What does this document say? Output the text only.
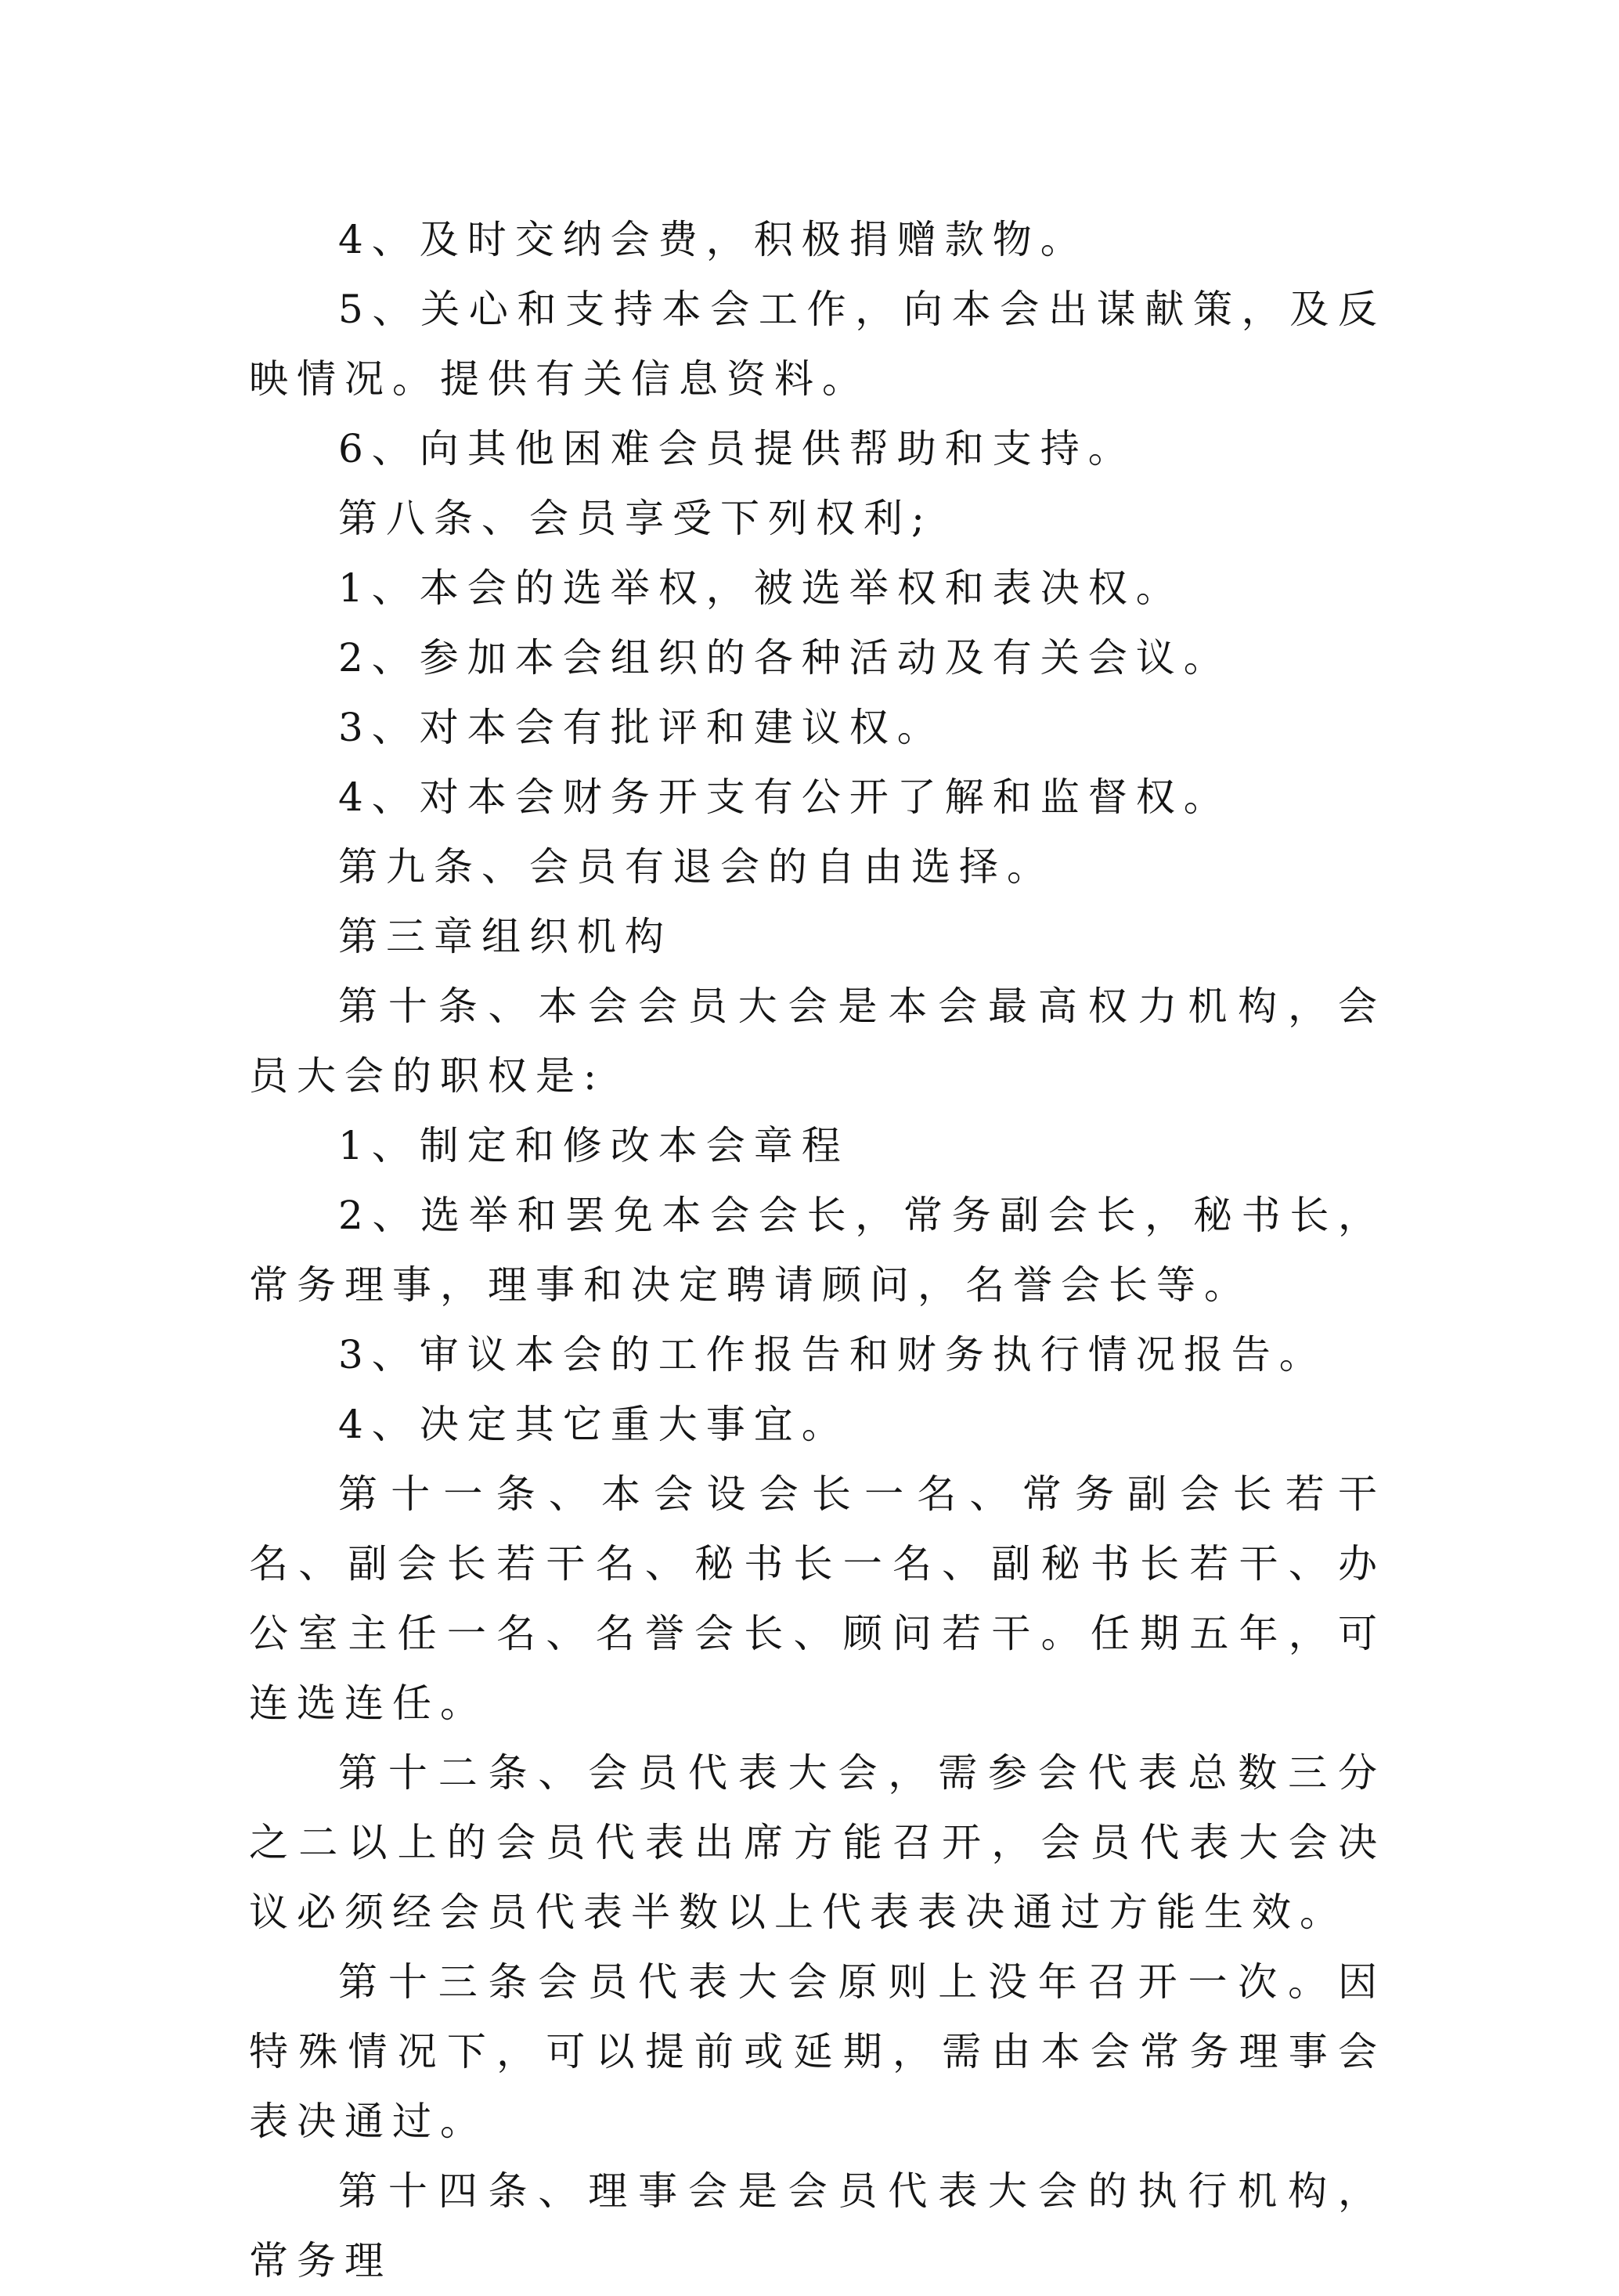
4、及时交纳会费，积极捐赠款物。

5、关心和支持本会工作，向本会出谋献策，及反映情况。提供有关信息资料。

6、向其他困难会员提供帮助和支持。

第八条、会员享受下列权利;

1、本会的选举权，被选举权和表决权。

2、参加本会组织的各种活动及有关会议。

3、对本会有批评和建议权。

4、对本会财务开支有公开了解和监督权。

第九条、会员有退会的自由选择。

第三章组织机构

第十条、本会会员大会是本会最高权力机构，会员大会的职权是:

1、制定和修改本会章程

2、选举和罢免本会会长，常务副会长，秘书长，常务理事，理事和决定聘请顾问，名誉会长等。

3、审议本会的工作报告和财务执行情况报告。

4、决定其它重大事宜。

第十一条、本会设会长一名、常务副会长若干名、副会长若干名、秘书长一名、副秘书长若干、办公室主任一名、名誉会长、顾问若干。任期五年，可连选连任。

第十二条、会员代表大会，需参会代表总数三分之二以上的会员代表出席方能召开，会员代表大会决议必须经会员代表半数以上代表表决通过方能生效。

第十三条会员代表大会原则上没年召开一次。因特殊情况下，可以提前或延期，需由本会常务理事会表决通过。

第十四条、理事会是会员代表大会的执行机构，常务理
